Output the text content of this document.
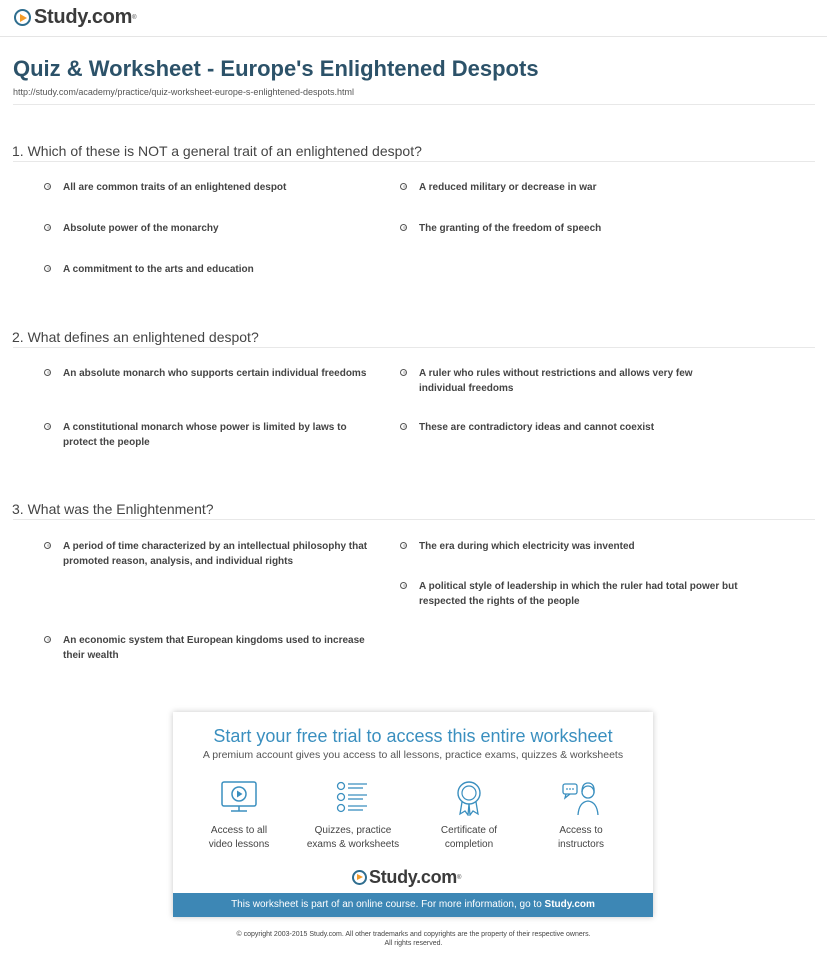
Study.com ®
Quiz & Worksheet - Europe's Enlightened Despots
http://study.com/academy/practice/quiz-worksheet-europe-s-enlightened-despots.html
1. Which of these is NOT a general trait of an enlightened despot?
All are common traits of an enlightened despot	A reduced military or decrease in war
Absolute power of the monarchy	The granting of the freedom of speech
A commitment to the arts and education
2. What defines an enlightened despot?
An absolute monarch who supports certain individual freedoms	A ruler who rules without restrictions and allows very few individual freedoms
A constitutional monarch whose power is limited by laws to protect the people
These are contradictory ideas and cannot coexist
3. What was the Enlightenment?
A period of time characterized by an intellectual philosophy that promoted reason, analysis, and individual rights
The era during which electricity was invented
A political style of leadership in which the ruler had total power but respected the rights of the people
An economic system that European kingdoms used to increase their wealth
Start your free trial to access this entire worksheet
A premium account gives you access to all lessons, practice exams, quizzes & worksheets
Access to all
video lessons
Quizzes, practice
exams & worksheets
Certificate of
completion
Access to
instructors
Study.com ®
This worksheet is part of an online course. For more information, go to Study.com
© copyright 2003-2015 Study.com. All other trademarks and copyrights are the property of their respective owners.
All rights reserved.
